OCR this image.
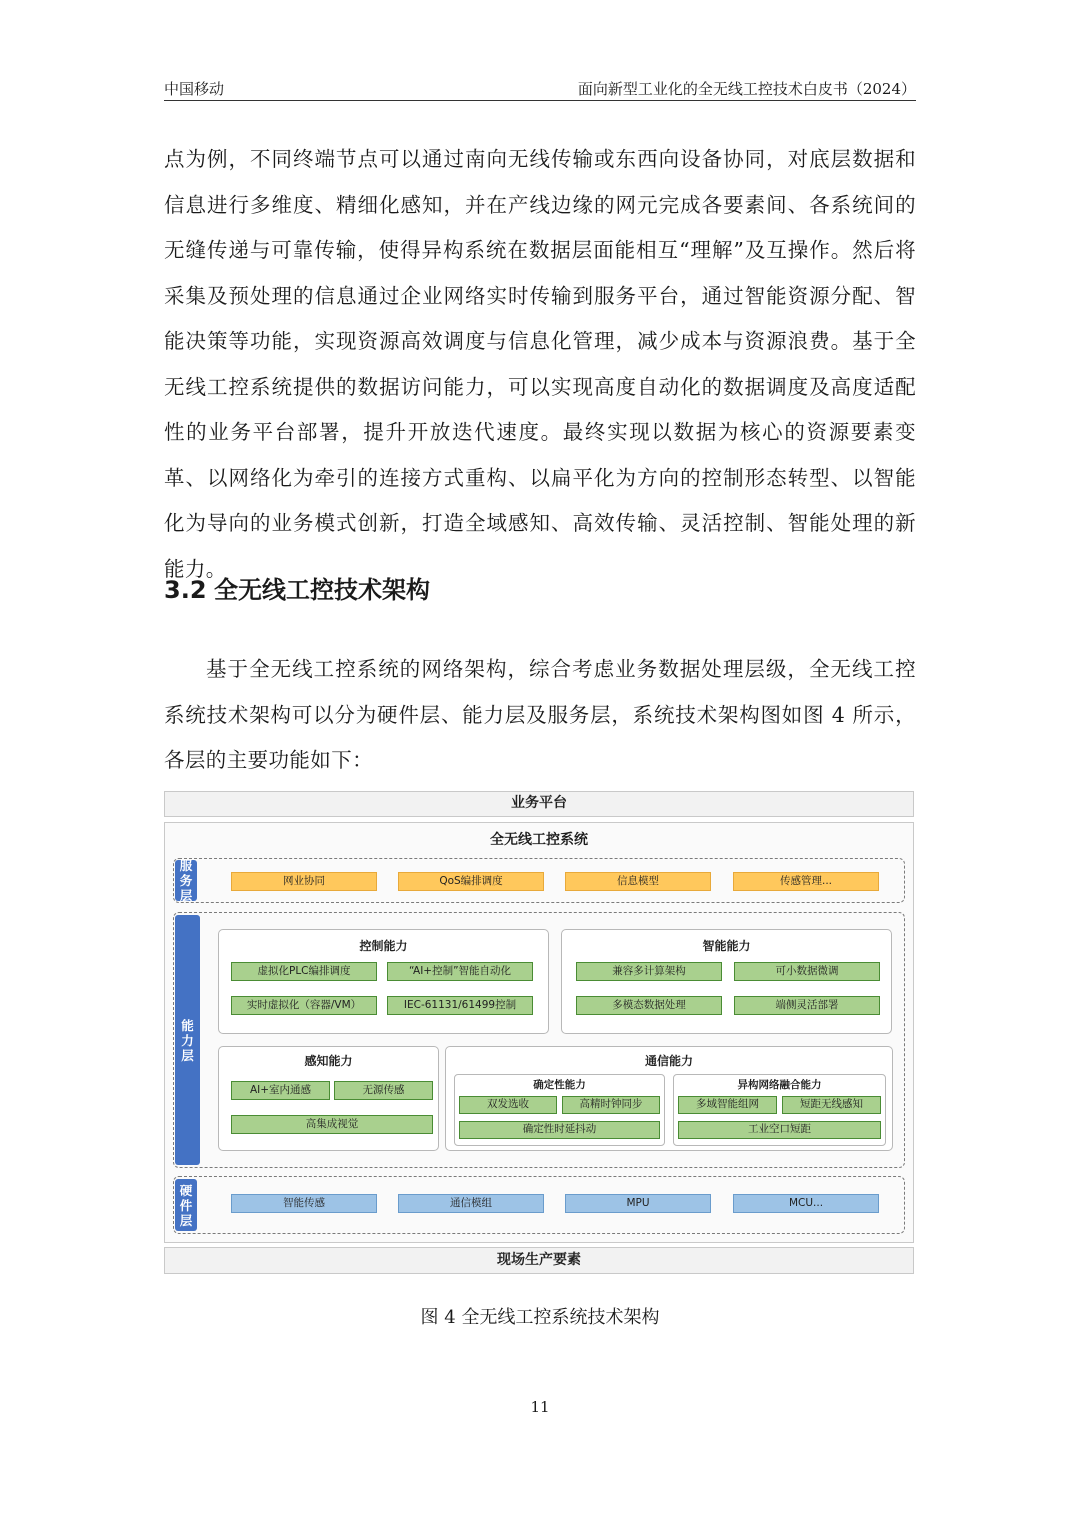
中国移动	面向新型工业化的全无线工控技术白皮书（2024）

点为例，不同终端节点可以通过南向无线传输或东西向设备协同，对底层数据和信息进行多维度、精细化感知，并在产线边缘的网元完成各要素间、各系统间的无缝传递与可靠传输，使得异构系统在数据层面能相互“理解”及互操作。然后将采集及预处理的信息通过企业网络实时传输到服务平台，通过智能资源分配、智能决策等功能，实现资源高效调度与信息化管理，减少成本与资源浪费。基于全无线工控系统提供的数据访问能力，可以实现高度自动化的数据调度及高度适配性的业务平台部署，提升开放迭代速度。最终实现以数据为核心的资源要素变革、以网络化为牵引的连接方式重构、以扁平化为方向的控制形态转型、以智能化为导向的业务模式创新，打造全域感知、高效传输、灵活控制、智能处理的新能力。

3.2 全无线工控技术架构

基于全无线工控系统的网络架构，综合考虑业务数据处理层级，全无线工控系统技术架构可以分为硬件层、能力层及服务层，系统技术架构图如图 4 所示，各层的主要功能如下：

业务平台
全无线工控系统
服
务
层
网业协同	QoS编排调度	信息模型	传感管理...
能
力
层
控制能力
虚拟化PLC编排调度	“AI+控制”智能自动化
实时虚拟化（容器/VM）	IEC-61131/61499控制
智能能力
兼容多计算架构	可小数据微调
多模态数据处理	端侧灵活部署
感知能力
AI+室内通感	无源传感
高集成视觉
通信能力
确定性能力
双发选收	高精时钟同步
确定性时延抖动
异构网络融合能力
多域智能组网	短距无线感知
工业空口短距
硬
件
层
智能传感	通信模组	MPU	MCU...
现场生产要素
图 4 全无线工控系统技术架构
11
